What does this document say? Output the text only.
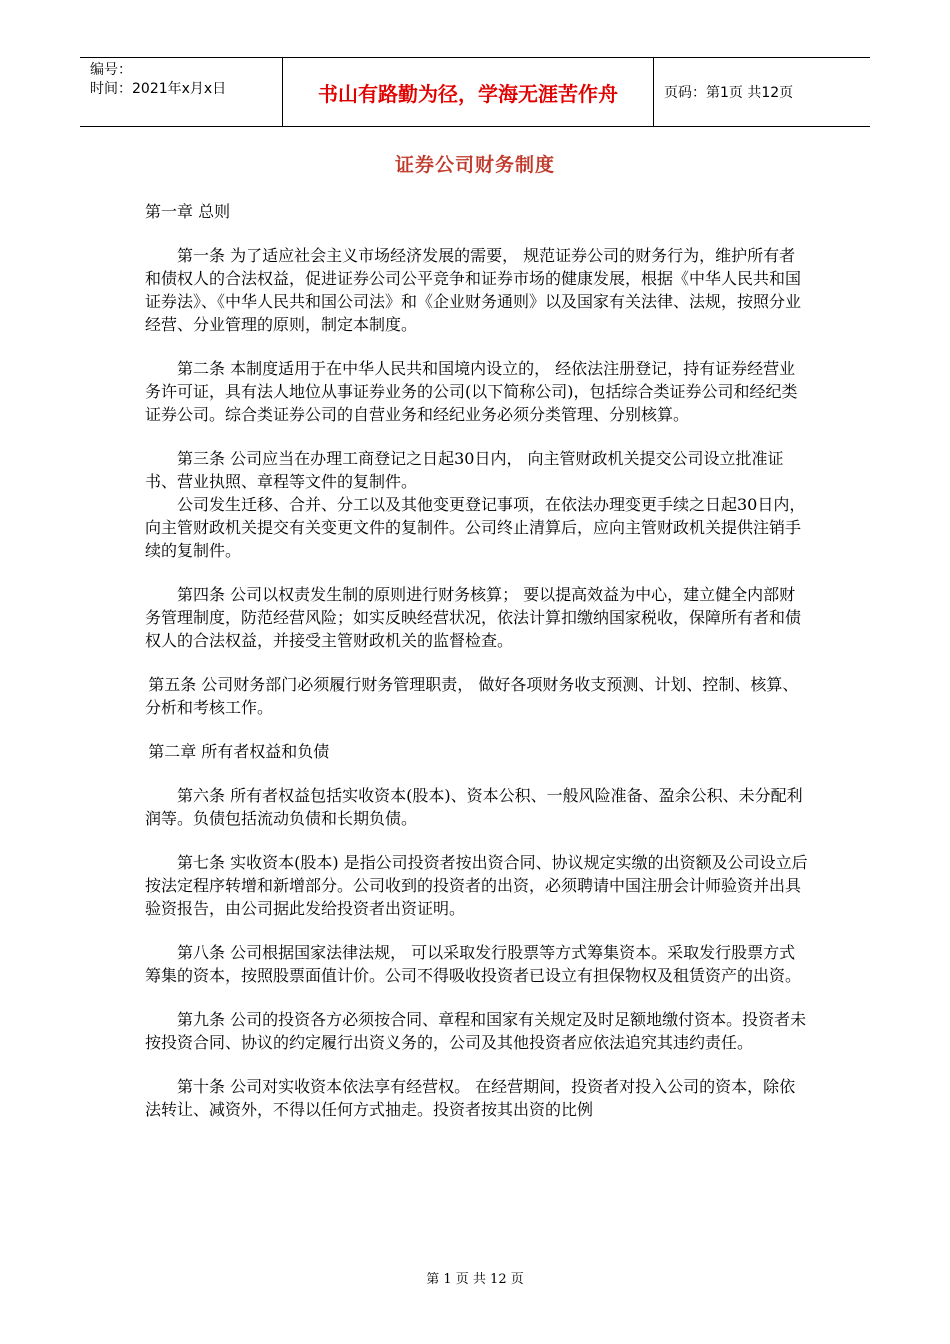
编号：
时间：2021年x月x日	书山有路勤为径，学海无涯苦作舟	页码：第1页 共12页
证券公司财务制度

第一章 总则

第一条 为了适应社会主义市场经济发展的需要， 规范证券公司的财务行为，维护所有者和债权人的合法权益，促进证券公司公平竞争和证券市场的健康发展，根据《中华人民共和国证券法》、《中华人民共和国公司法》和《企业财务通则》以及国家有关法律、法规，按照分业经营、分业管理的原则，制定本制度。

第二条 本制度适用于在中华人民共和国境内设立的， 经依法注册登记，持有证券经营业务许可证，具有法人地位从事证券业务的公司(以下简称公司)，包括综合类证券公司和经纪类证券公司。综合类证券公司的自营业务和经纪业务必须分类管理、分别核算。

第三条 公司应当在办理工商登记之日起30日内， 向主管财政机关提交公司设立批准证书、营业执照、章程等文件的复制件。

公司发生迁移、合并、分工以及其他变更登记事项，在依法办理变更手续之日起30日内，向主管财政机关提交有关变更文件的复制件。公司终止清算后，应向主管财政机关提供注销手续的复制件。

第四条 公司以权责发生制的原则进行财务核算； 要以提高效益为中心，建立健全内部财务管理制度，防范经营风险；如实反映经营状况，依法计算扣缴纳国家税收，保障所有者和债权人的合法权益，并接受主管财政机关的监督检查。

第五条 公司财务部门必须履行财务管理职责， 做好各项财务收支预测、计划、控制、核算、分析和考核工作。

第二章 所有者权益和负债

第六条 所有者权益包括实收资本(股本)、资本公积、一般风险准备、盈余公积、未分配利润等。负债包括流动负债和长期负债。

第七条 实收资本(股本) 是指公司投资者按出资合同、协议规定实缴的出资额及公司设立后按法定程序转增和新增部分。公司收到的投资者的出资，必须聘请中国注册会计师验资并出具验资报告，由公司据此发给投资者出资证明。

第八条 公司根据国家法律法规， 可以采取发行股票等方式筹集资本。采取发行股票方式筹集的资本，按照股票面值计价。公司不得吸收投资者已设立有担保物权及租赁资产的出资。

第九条 公司的投资各方必须按合同、章程和国家有关规定及时足额地缴付资本。投资者未按投资合同、协议的约定履行出资义务的，公司及其他投资者应依法追究其违约责任。

第十条 公司对实收资本依法享有经营权。 在经营期间，投资者对投入公司的资本，除依法转让、减资外，不得以任何方式抽走。投资者按其出资的比例

第 1 页 共 12 页
